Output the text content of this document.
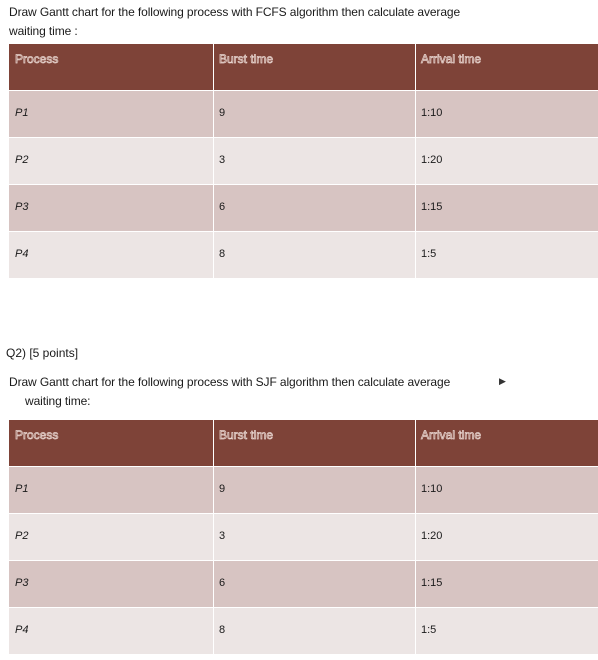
Draw Gantt chart for the following process with FCFS algorithm then calculate average
waiting time :
Process	Burst time	Arrival time
P1	9	1:10
P2	3	1:20
P3	6	1:15
P4	8	1:5
Q2) [5 points]
Draw Gantt chart for the following process with SJF algorithm then calculate average
waiting time:
▶
Process	Burst time	Arrival time
P1	9	1:10
P2	3	1:20
P3	6	1:15
P4	8	1:5
